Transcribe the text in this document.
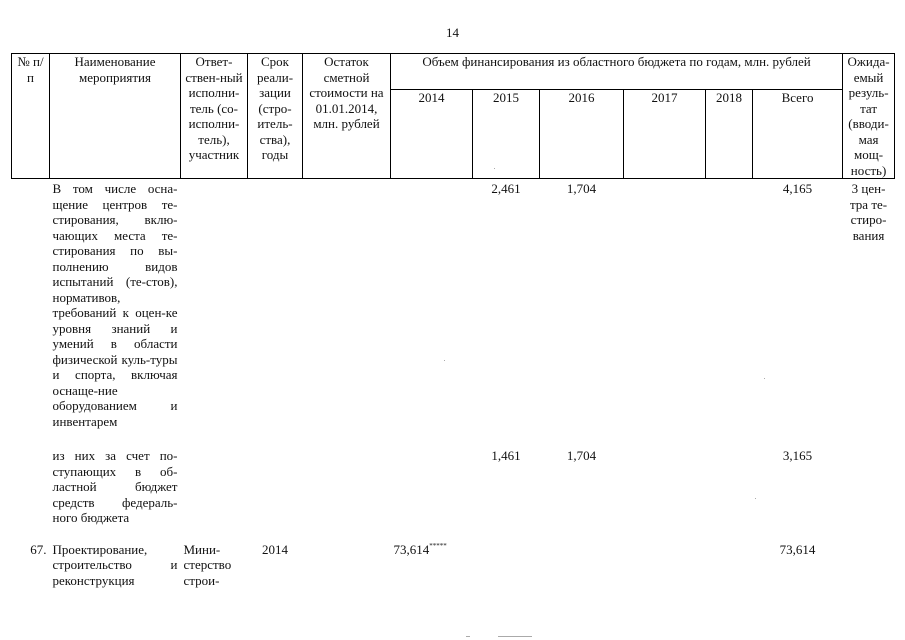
14
№ п/п	Наименование мероприятия	Ответ-ствен-ный исполни-тель (со-исполни-тель), участник	Срок реали-зации (стро-итель-ства), годы	Остаток сметной стоимости на 01.01.2014, млн. рублей	Объем финансирования из областного бюджета по годам, млн. рублей						Ожида-емый резуль-тат (вводи-мая мощ-ность)
					2014	2015	2016	2017	2018	Всего	
	В том числе осна-щение центров те-стирования, вклю-чающих места те-стирования по вы-полнению видов испытаний (те-стов), нормативов, требований к оцен-ке уровня знаний и умений в области физической куль-туры и спорта, включая оснаще-ние оборудованием и инвентарем					2,461	1,704			4,165	3 цен-тра те-стиро-вания
	из них за счет по-ступающих в об-ластной бюджет средств федераль-ного бюджета					1,461	1,704			3,165	
67.	Проектирование, строительство и реконструкция	Мини-стерство строи-	2014		73,614*****					73,614	
